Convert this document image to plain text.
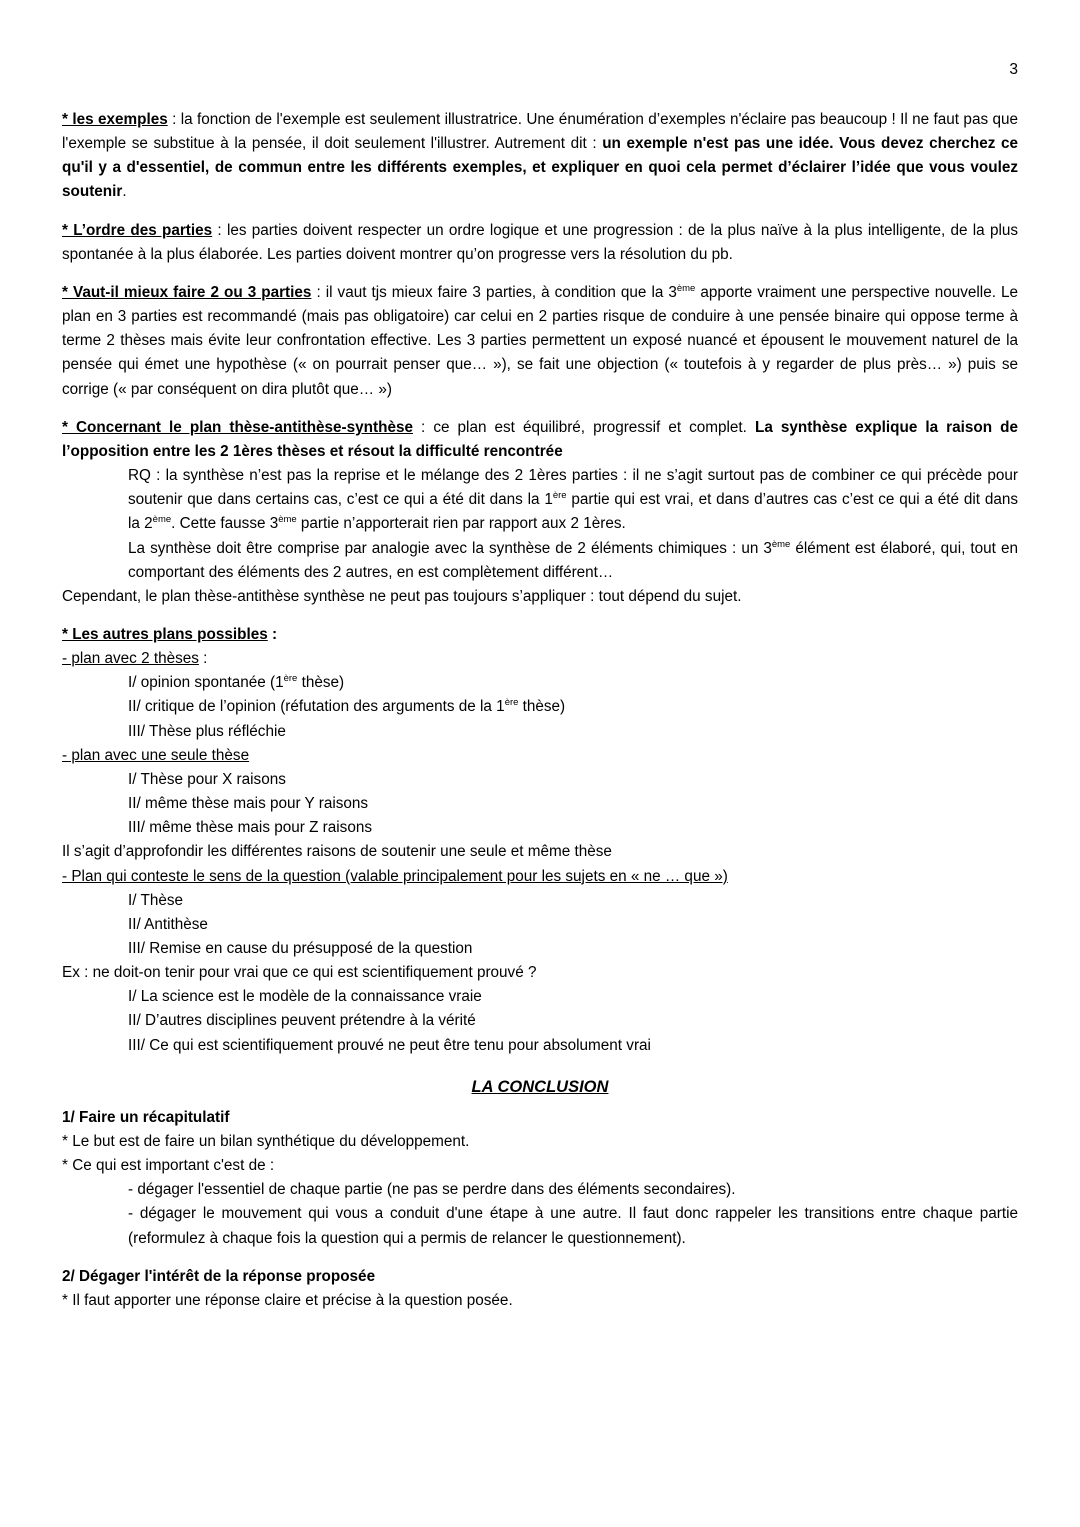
3

* les exemples : la fonction de l'exemple est seulement illustratrice. Une énumération d’exemples n'éclaire pas beaucoup ! Il ne faut pas que l'exemple se substitue à la pensée, il doit seulement l'illustrer. Autrement dit : un exemple n'est pas une idée. Vous devez cherchez ce qu'il y a d'essentiel, de commun entre les différents exemples, et expliquer en quoi cela permet d’éclairer l’idée que vous voulez soutenir.

* L’ordre des parties : les parties doivent respecter un ordre logique et une progression : de la plus naïve à la plus intelligente, de la plus spontanée à la plus élaborée. Les parties doivent montrer qu’on progresse vers la résolution du pb.

* Vaut-il mieux faire 2 ou 3 parties : il vaut tjs mieux faire 3 parties, à condition que la 3ème apporte vraiment une perspective nouvelle. Le plan en 3 parties est recommandé (mais pas obligatoire) car celui en 2 parties risque de conduire à une pensée binaire qui oppose terme à terme 2 thèses mais évite leur confrontation effective. Les 3 parties permettent un exposé nuancé et épousent le mouvement naturel de la pensée qui émet une hypothèse (« on pourrait penser que… »), se fait une objection (« toutefois à y regarder de plus près… ») puis se corrige (« par conséquent on dira plutôt que… »)

* Concernant le plan thèse-antithèse-synthèse : ce plan est équilibré, progressif et complet. La synthèse explique la raison de l’opposition entre les 2 1ères thèses et résout la difficulté rencontrée

RQ : la synthèse n’est pas la reprise et le mélange des 2 1ères parties : il ne s’agit surtout pas de combiner ce qui précède pour soutenir que dans certains cas, c’est ce qui a été dit dans la 1ère partie qui est vrai, et dans d’autres cas c’est ce qui a été dit dans la 2ème. Cette fausse 3ème partie n’apporterait rien par rapport aux 2 1ères.

La synthèse doit être comprise par analogie avec la synthèse de 2 éléments chimiques : un 3ème élément est élaboré, qui, tout en comportant des éléments des 2 autres, en est complètement différent…

Cependant, le plan thèse-antithèse synthèse ne peut pas toujours s’appliquer : tout dépend du sujet.

* Les autres plans possibles :

- plan avec 2 thèses :

I/ opinion spontanée (1ère thèse)

II/ critique de l’opinion (réfutation des arguments de la 1ère thèse)

III/ Thèse plus réfléchie

- plan avec une seule thèse

I/ Thèse pour X raisons

II/ même thèse mais pour Y raisons

III/ même thèse mais pour Z raisons

Il s’agit d’approfondir les différentes raisons de soutenir une seule et même thèse

- Plan qui conteste le sens de la question (valable principalement pour les sujets en « ne … que »)

I/ Thèse

II/ Antithèse

III/ Remise en cause du présupposé de la question

Ex : ne doit-on tenir pour vrai que ce qui est scientifiquement prouvé ?

I/ La science est le modèle de la connaissance vraie

II/ D’autres disciplines peuvent prétendre à la vérité

III/ Ce qui est scientifiquement prouvé ne peut être tenu pour absolument vrai

LA CONCLUSION

1/ Faire un récapitulatif

* Le but est de faire un bilan synthétique du développement.

* Ce qui est important c'est de :

- dégager l'essentiel de chaque partie (ne pas se perdre dans des éléments secondaires).

- dégager le mouvement qui vous a conduit d'une étape à une autre. Il faut donc rappeler les transitions entre chaque partie (reformulez à chaque fois la question qui a permis de relancer le questionnement).

2/ Dégager l'intérêt de la réponse proposée

* Il faut apporter une réponse claire et précise à la question posée.
